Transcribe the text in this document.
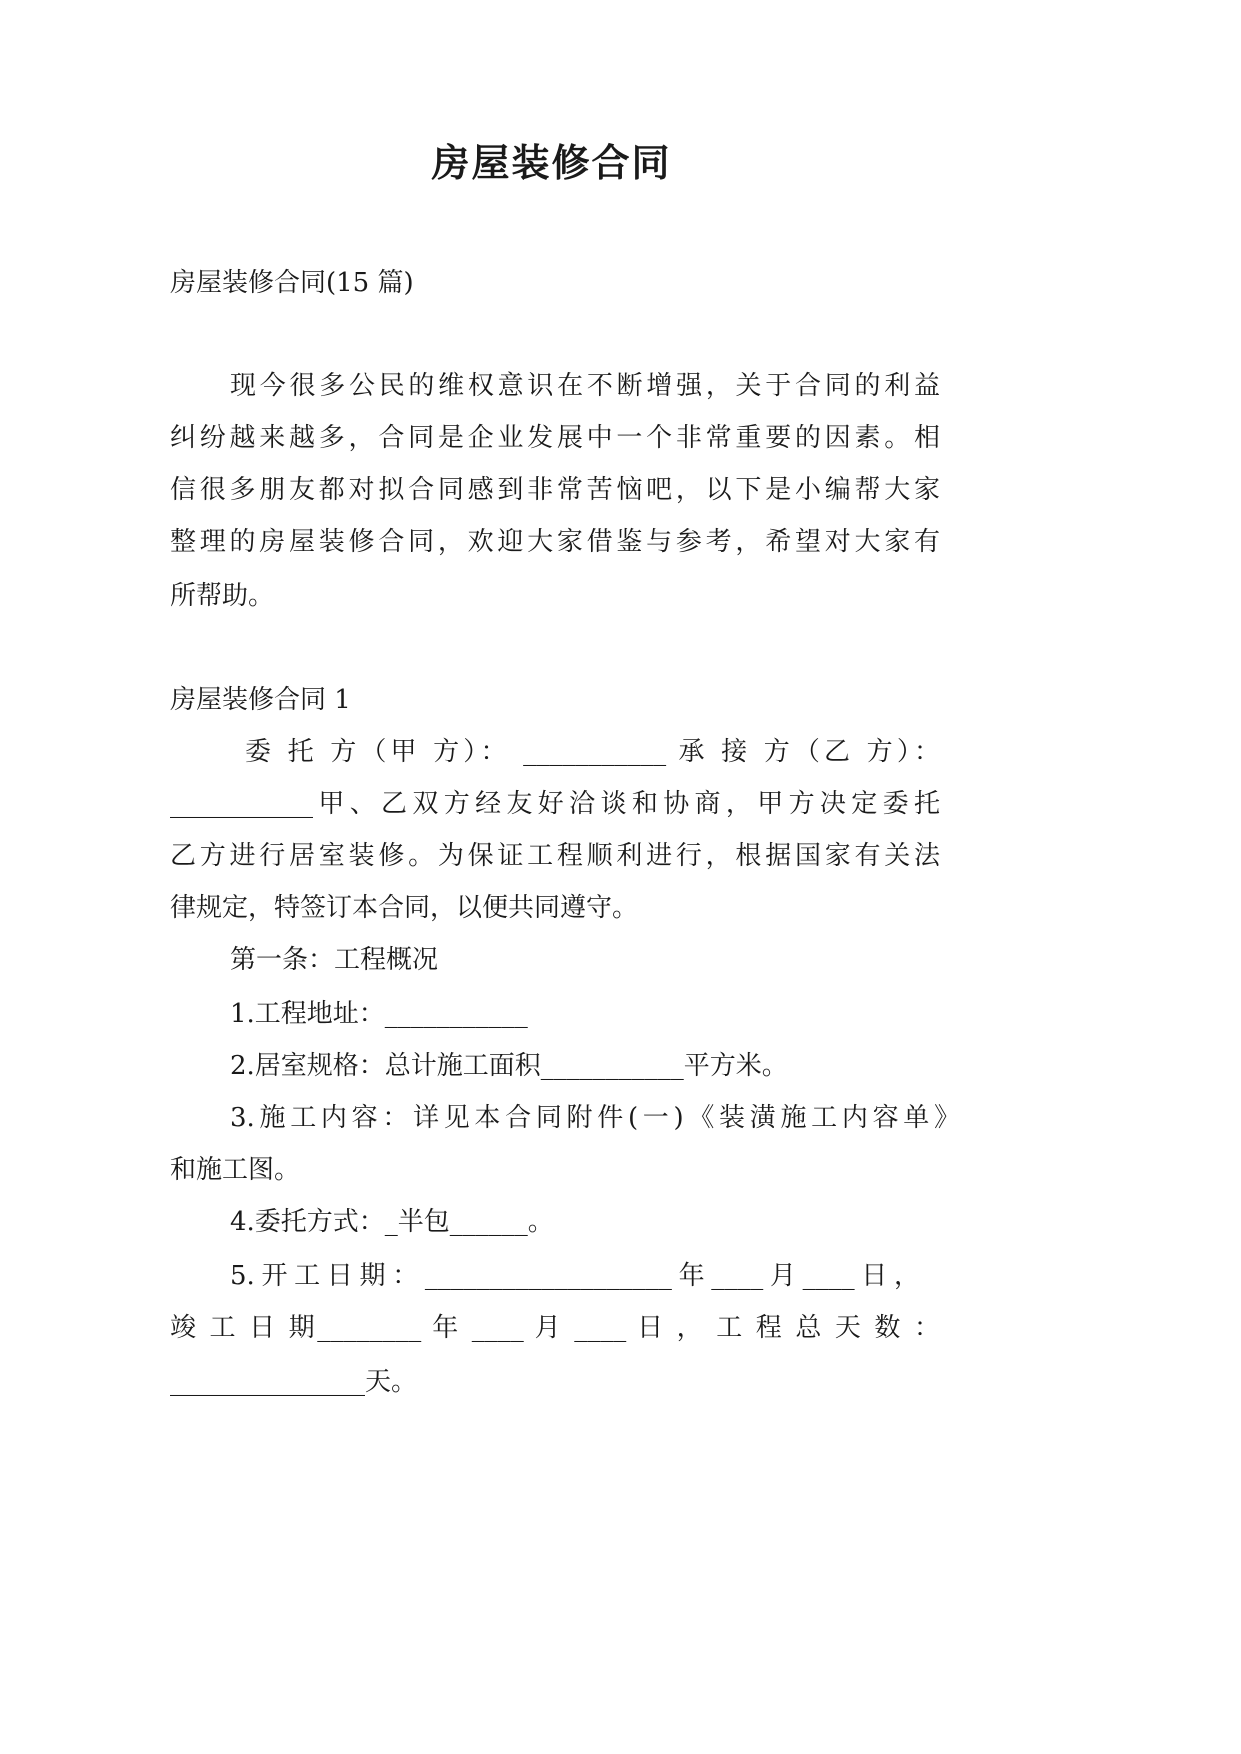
房屋装修合同
房屋装修合同(15 篇)
现今很多公民的维权意识在不断增强，关于合同的利益
纠纷越来越多，合同是企业发展中一个非常重要的因素。相
信很多朋友都对拟合同感到非常苦恼吧，以下是小编帮大家
整理的房屋装修合同，欢迎大家借鉴与参考，希望对大家有
所帮助。
房屋装修合同 1
委 托 方（甲 方）： ___________ 承 接 方（乙 方）：
___________甲、乙双方经友好洽谈和协商，甲方决定委托
乙方进行居室装修。为保证工程顺利进行，根据国家有关法
律规定，特签订本合同，以便共同遵守。
第一条：工程概况
1.工程地址：___________
2.居室规格：总计施工面积___________平方米。
3.施工内容：详见本合同附件(一)《装潢施工内容单》
和施工图。
4.委托方式：_半包______。
5.开工日期：___________________年____月____日，
竣 工 日 期________ 年 ____ 月 ____ 日 ， 工 程 总 天 数 ：
_______________天。
